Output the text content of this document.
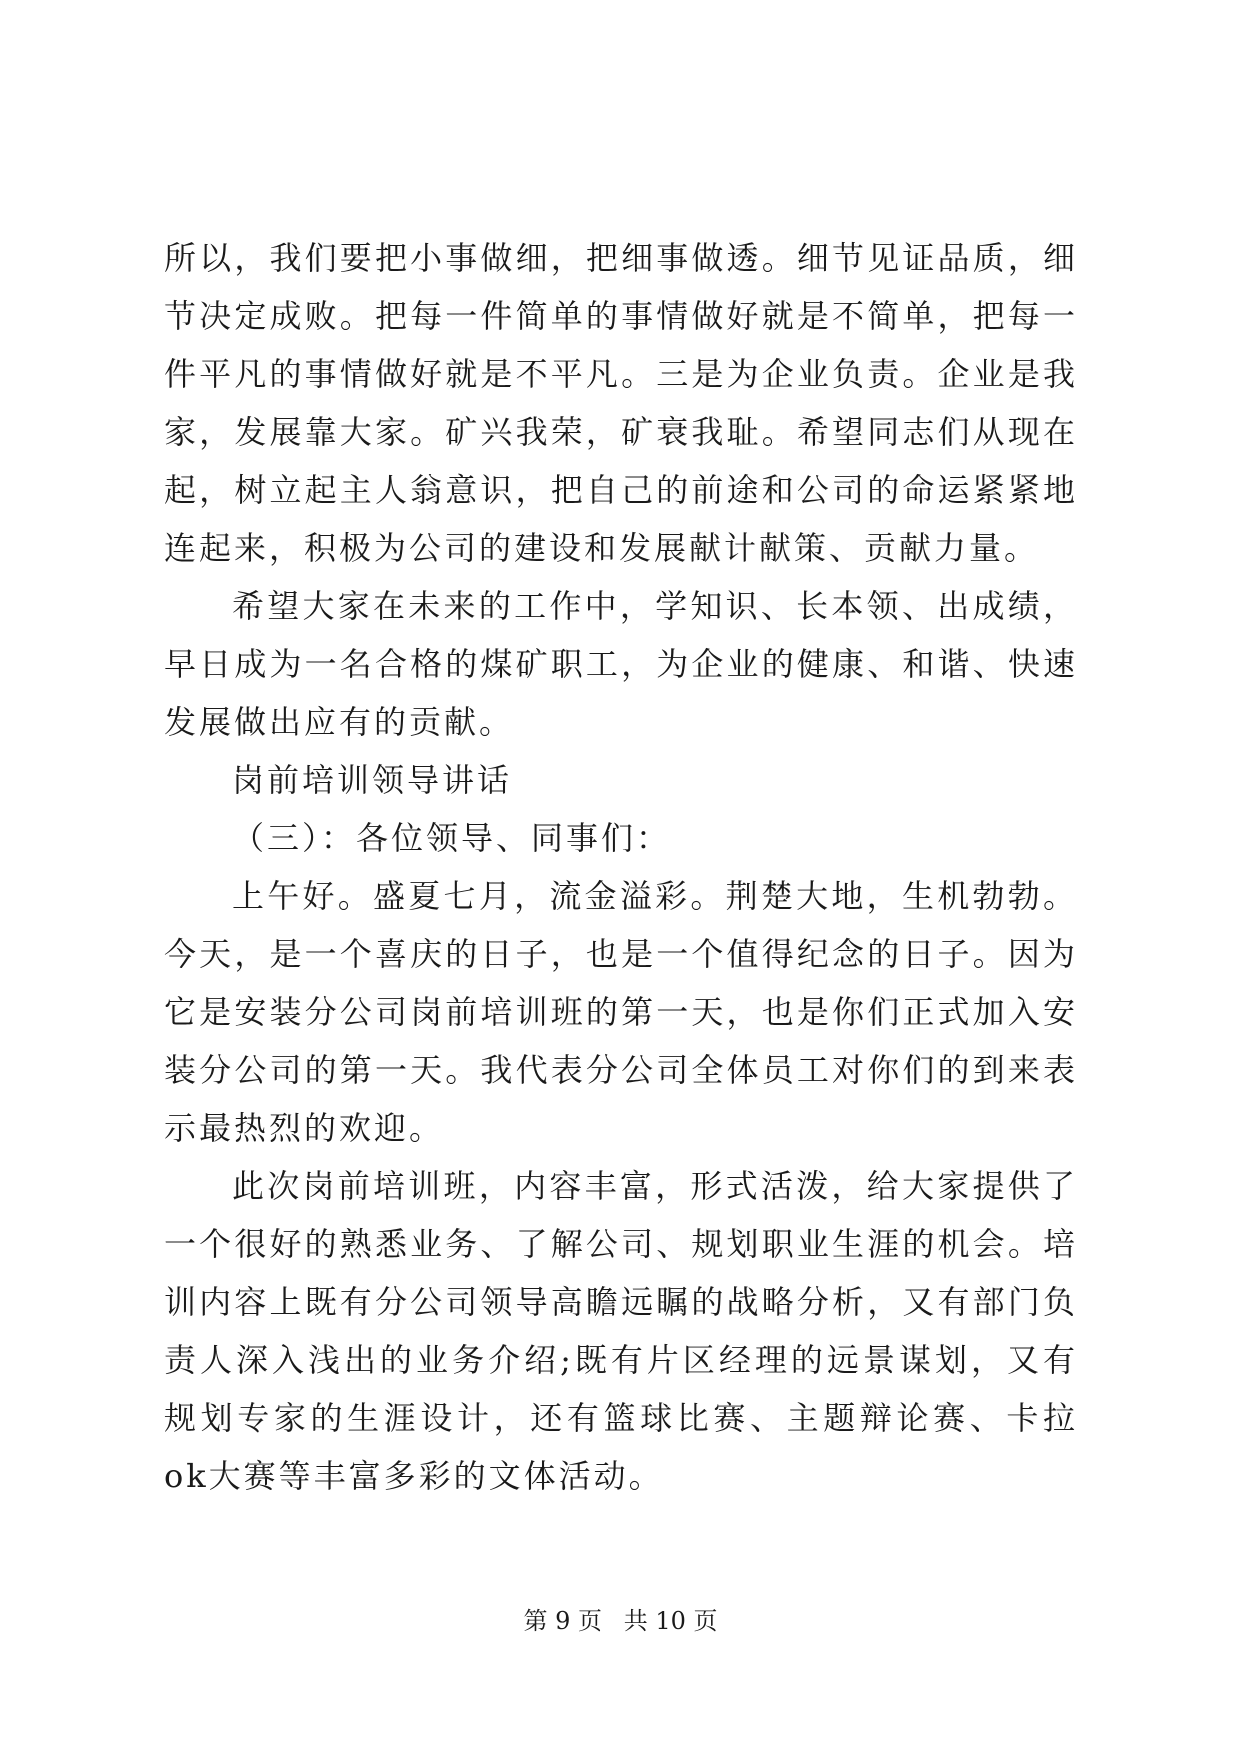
所以，我们要把小事做细，把细事做透。细节见证品质，细节决定成败。把每一件简单的事情做好就是不简单，把每一件平凡的事情做好就是不平凡。三是为企业负责。企业是我家，发展靠大家。矿兴我荣，矿衰我耻。希望同志们从现在起，树立起主人翁意识，把自己的前途和公司的命运紧紧地连起来，积极为公司的建设和发展献计献策、贡献力量。

希望大家在未来的工作中，学知识、长本领、出成绩，早日成为一名合格的煤矿职工，为企业的健康、和谐、快速发展做出应有的贡献。

岗前培训领导讲话

（三）：各位领导、同事们：

上午好。盛夏七月，流金溢彩。荆楚大地，生机勃勃。今天，是一个喜庆的日子，也是一个值得纪念的日子。因为它是安装分公司岗前培训班的第一天，也是你们正式加入安装分公司的第一天。我代表分公司全体员工对你们的到来表示最热烈的欢迎。

此次岗前培训班，内容丰富，形式活泼，给大家提供了一个很好的熟悉业务、了解公司、规划职业生涯的机会。培训内容上既有分公司领导高瞻远瞩的战略分析，又有部门负责人深入浅出的业务介绍;既有片区经理的远景谋划，又有规划专家的生涯设计，还有篮球比赛、主题辩论赛、卡拉ok大赛等丰富多彩的文体活动。

第 9 页 共 10 页
